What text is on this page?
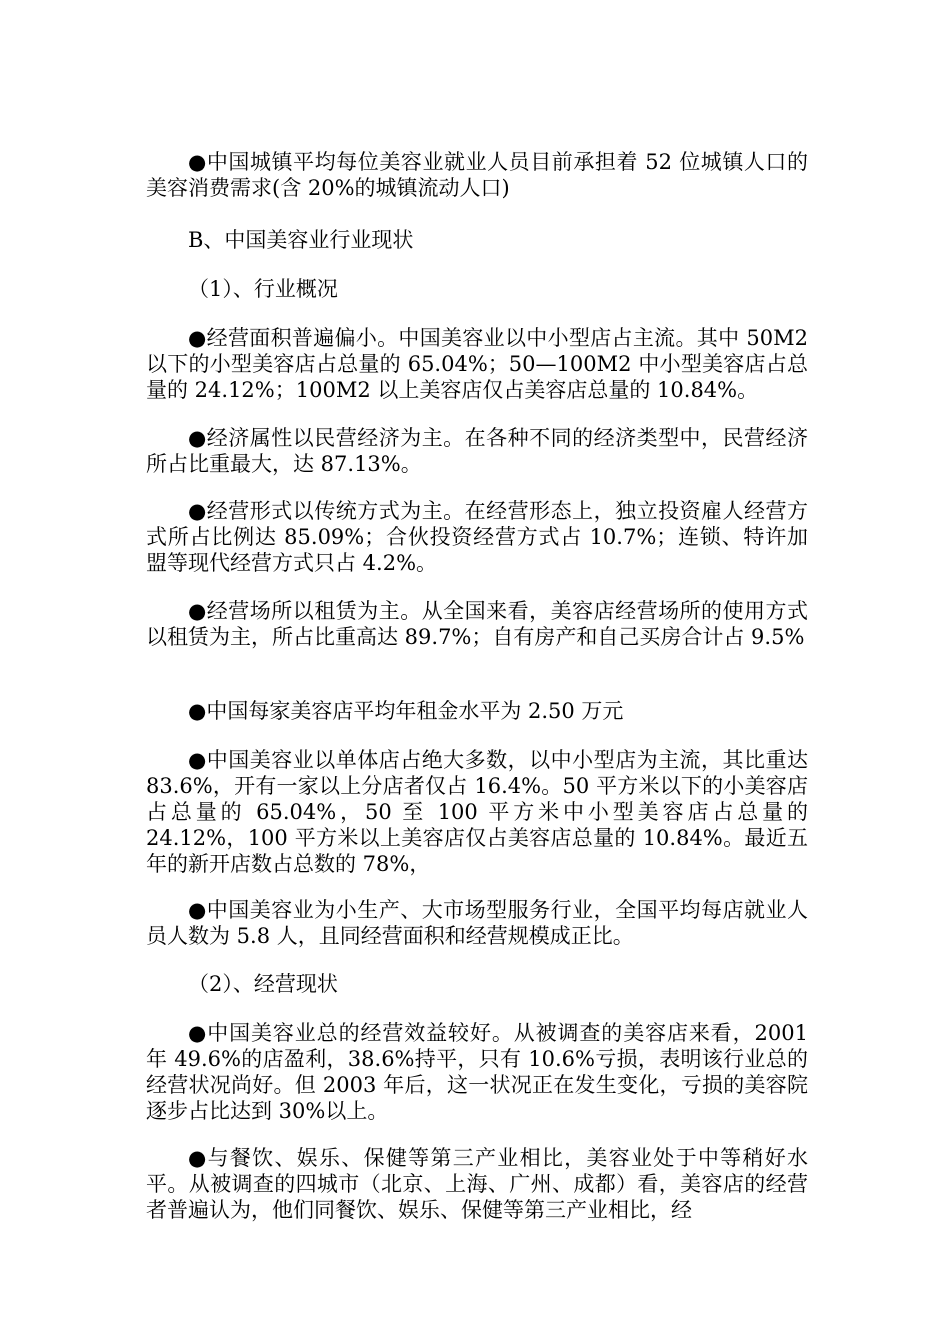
●中国城镇平均每位美容业就业人员目前承担着 52 位城镇人口的美容消费需求(含 20%的城镇流动人口)
B、中国美容业行业现状
（1）、行业概况
●经营面积普遍偏小。中国美容业以中小型店占主流。其中 50M2 以下的小型美容店占总量的 65.04%；50—100M2 中小型美容店占总量的 24.12%；100M2 以上美容店仅占美容店总量的 10.84%。
●经济属性以民营经济为主。在各种不同的经济类型中，民营经济所占比重最大，达 87.13%。
●经营形式以传统方式为主。在经营形态上，独立投资雇人经营方式所占比例达 85.09%；合伙投资经营方式占 10.7%；连锁、特许加盟等现代经营方式只占 4.2%。
●经营场所以租赁为主。从全国来看，美容店经营场所的使用方式以租赁为主，所占比重高达 89.7%；自有房产和自己买房合计占 9.5%
●中国每家美容店平均年租金水平为 2.50 万元
●中国美容业以单体店占绝大多数，以中小型店为主流，其比重达 83.6%，开有一家以上分店者仅占 16.4%。50 平方米以下的小美容店占总量的 65.04%，50 至 100 平方米中小型美容店占总量的 24.12%，100 平方米以上美容店仅占美容店总量的 10.84%。最近五年的新开店数占总数的 78%，
●中国美容业为小生产、大市场型服务行业，全国平均每店就业人员人数为 5.8 人，且同经营面积和经营规模成正比。
（2）、经营现状
●中国美容业总的经营效益较好。从被调查的美容店来看，2001 年 49.6%的店盈利，38.6%持平，只有 10.6%亏损，表明该行业总的经营状况尚好。但 2003 年后，这一状况正在发生变化，亏损的美容院逐步占比达到 30%以上。
●与餐饮、娱乐、保健等第三产业相比，美容业处于中等稍好水平。从被调查的四城市（北京、上海、广州、成都）看，美容店的经营者普遍认为，他们同餐饮、娱乐、保健等第三产业相比，经
